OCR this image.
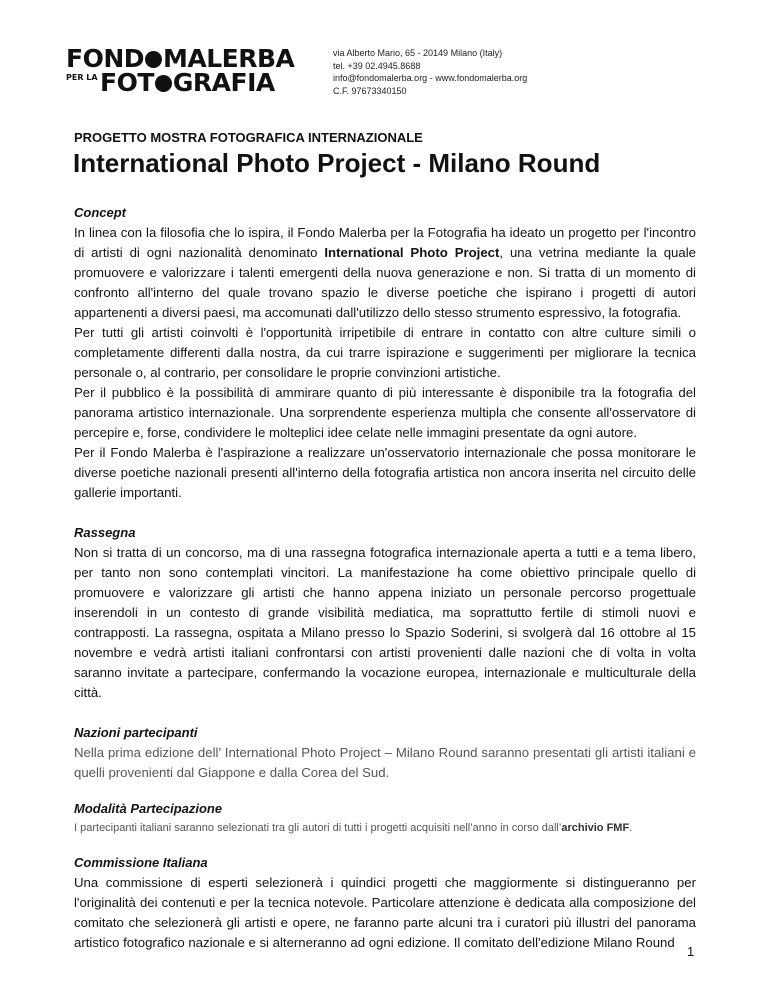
FOND MALERBA
PER LA FOT GRAFIA
via Alberto Mario, 65 - 20149 Milano (Italy)
tel. +39 02.4945.8688
info@fondomalerba.org - www.fondomalerba.org
C.F. 97673340150
PROGETTO MOSTRA FOTOGRAFICA INTERNAZIONALE
International Photo Project - Milano Round

Concept

In linea con la filosofia che lo ispira, il Fondo Malerba per la Fotografia ha ideato un progetto per l'incontro di artisti di ogni nazionalità denominato International Photo Project, una vetrina mediante la quale promuovere e valorizzare i talenti emergenti della nuova generazione e non. Si tratta di un momento di confronto all'interno del quale trovano spazio le diverse poetiche che ispirano i progetti di autori appartenenti a diversi paesi, ma accomunati dall'utilizzo dello stesso strumento espressivo, la fotografia.

Per tutti gli artisti coinvolti è l'opportunità irripetibile di entrare in contatto con altre culture simili o completamente differenti dalla nostra, da cui trarre ispirazione e suggerimenti per migliorare la tecnica personale o, al contrario, per consolidare le proprie convinzioni artistiche.

Per il pubblico è la possibilità di ammirare quanto di più interessante è disponibile tra la fotografia del panorama artistico internazionale. Una sorprendente esperienza multipla che consente all'osservatore di percepire e, forse, condividere le molteplici idee celate nelle immagini presentate da ogni autore.

Per il Fondo Malerba è l'aspirazione a realizzare un'osservatorio internazionale che possa monitorare le diverse poetiche nazionali presenti all'interno della fotografia artistica non ancora inserita nel circuito delle gallerie importanti.

Rassegna

Non si tratta di un concorso, ma di una rassegna fotografica internazionale aperta a tutti e a tema libero, per tanto non sono contemplati vincitori. La manifestazione ha come obiettivo principale quello di promuovere e valorizzare gli artisti che hanno appena iniziato un personale percorso progettuale inserendoli in un contesto di grande visibilità mediatica, ma soprattutto fertile di stimoli nuovi e contrapposti. La rassegna, ospitata a Milano presso lo Spazio Soderini, si svolgerà dal 16 ottobre al 15 novembre e vedrà artisti italiani confrontarsi con artisti provenienti dalle nazioni che di volta in volta saranno invitate a partecipare, confermando la vocazione europea, internazionale e multiculturale della città.

Nazioni partecipanti

Nella prima edizione dell’ International Photo Project – Milano Round saranno presentati gli artisti italiani e quelli provenienti dal Giappone e dalla Corea del Sud.

Modalità Partecipazione

I partecipanti italiani saranno selezionati tra gli autori di tutti i progetti acquisiti nell’anno in corso dall’archivio FMF.

Commissione Italiana

Una commissione di esperti selezionerà i quindici progetti che maggiormente si distingueranno per l'originalità dei contenuti e per la tecnica notevole. Particolare attenzione è dedicata alla composizione del comitato che selezionerà gli artisti e opere, ne faranno parte alcuni tra i curatori più illustri del panorama artistico fotografico nazionale e si alterneranno ad ogni edizione. Il comitato dell'edizione Milano Round

1
